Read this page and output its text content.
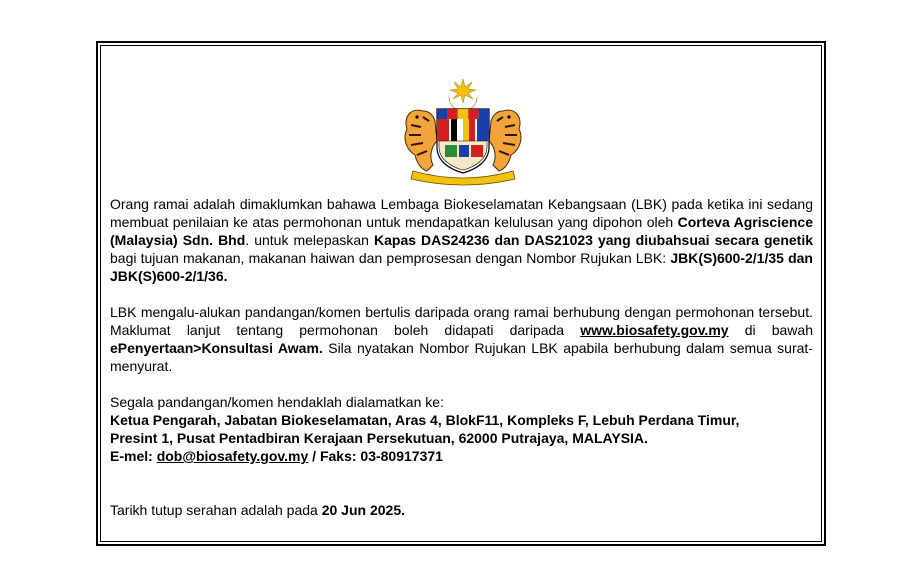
Orang ramai adalah dimaklumkan bahawa Lembaga Biokeselamatan Kebangsaan (LBK) pada ketika ini sedang membuat penilaian ke atas permohonan untuk mendapatkan kelulusan yang dipohon oleh Corteva Agriscience (Malaysia) Sdn. Bhd. untuk melepaskan Kapas DAS24236 dan DAS21023 yang diubahsuai secara genetik bagi tujuan makanan, makanan haiwan dan pemprosesan dengan Nombor Rujukan LBK: JBK(S)600-2/1/35 dan JBK(S)600-2/1/36.

LBK mengalu-alukan pandangan/komen bertulis daripada orang ramai berhubung dengan permohonan tersebut. Maklumat lanjut tentang permohonan boleh didapati daripada www.biosafety.gov.my di bawah ePenyertaan>Konsultasi Awam. Sila nyatakan Nombor Rujukan LBK apabila berhubung dalam semua surat-menyurat.

Segala pandangan/komen hendaklah dialamatkan ke:
Ketua Pengarah, Jabatan Biokeselamatan, Aras 4, BlokF11, Kompleks F, Lebuh Perdana Timur,
Presint 1, Pusat Pentadbiran Kerajaan Persekutuan, 62000 Putrajaya, MALAYSIA.
E-mel: dob@biosafety.gov.my / Faks: 03-80917371

Tarikh tutup serahan adalah pada 20 Jun 2025.
